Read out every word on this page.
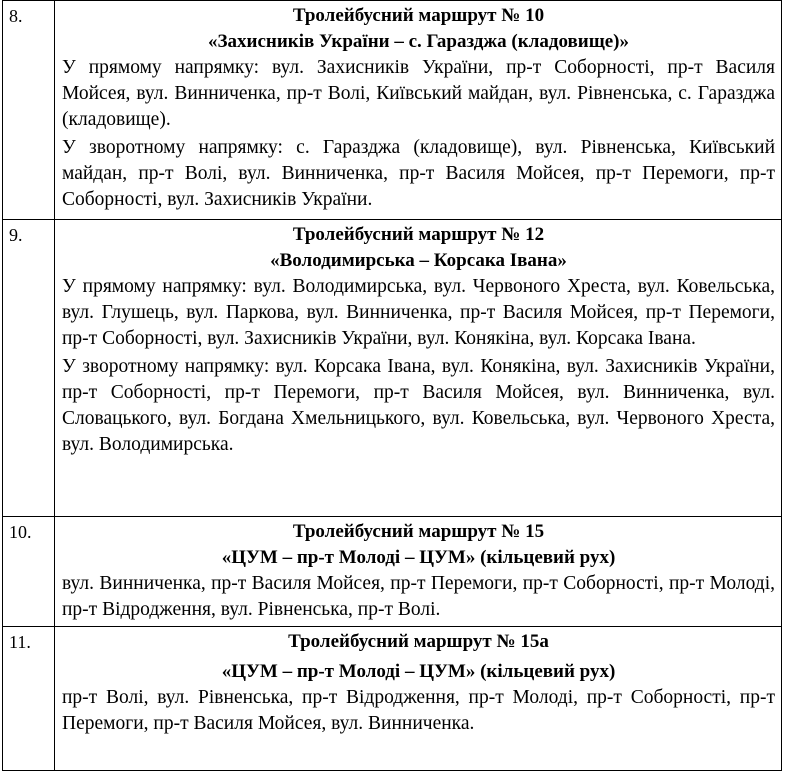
8.	Тролейбусний маршрут № 10
«Захисників України – с. Гаразджа (кладовище)»
У прямому напрямку: вул. Захисників України, пр-т Соборності, пр-т Василя Мойсея, вул. Винниченка, пр-т Волі, Київський майдан, вул. Рівненська, с. Гаразджа (кладовище).
У зворотному напрямку: с. Гаразджа (кладовище), вул. Рівненська, Київський майдан, пр-т Волі, вул. Винниченка, пр-т Василя Мойсея, пр-т Перемоги, пр-т Соборності, вул. Захисників України.

9.	Тролейбусний маршрут № 12
«Володимирська – Корсака Івана»
У прямому напрямку: вул. Володимирська, вул. Червоного Хреста, вул. Ковельська, вул. Глушець, вул. Паркова, вул. Винниченка, пр-т Василя Мойсея, пр-т Перемоги, пр-т Соборності, вул. Захисників України, вул. Конякіна, вул. Корсака Івана.
У зворотному напрямку: вул. Корсака Івана, вул. Конякіна, вул. Захисників України, пр-т Соборності, пр-т Перемоги, пр-т Василя Мойсея, вул. Винниченка, вул. Словацького, вул. Богдана Хмельницького, вул. Ковельська, вул. Червоного Хреста, вул. Володимирська.

10.	Тролейбусний маршрут № 15
«ЦУМ – пр-т Молоді – ЦУМ» (кільцевий рух)
вул. Винниченка, пр-т Василя Мойсея, пр-т Перемоги, пр-т Соборності, пр-т Молоді, пр-т Відродження, вул. Рівненська, пр-т Волі.

11.	Тролейбусний маршрут № 15а
«ЦУМ – пр-т Молоді – ЦУМ» (кільцевий рух)
пр-т Волі, вул. Рівненська, пр-т Відродження, пр-т Молоді, пр-т Соборності, пр-т Перемоги, пр-т Василя Мойсея, вул. Винниченка.
